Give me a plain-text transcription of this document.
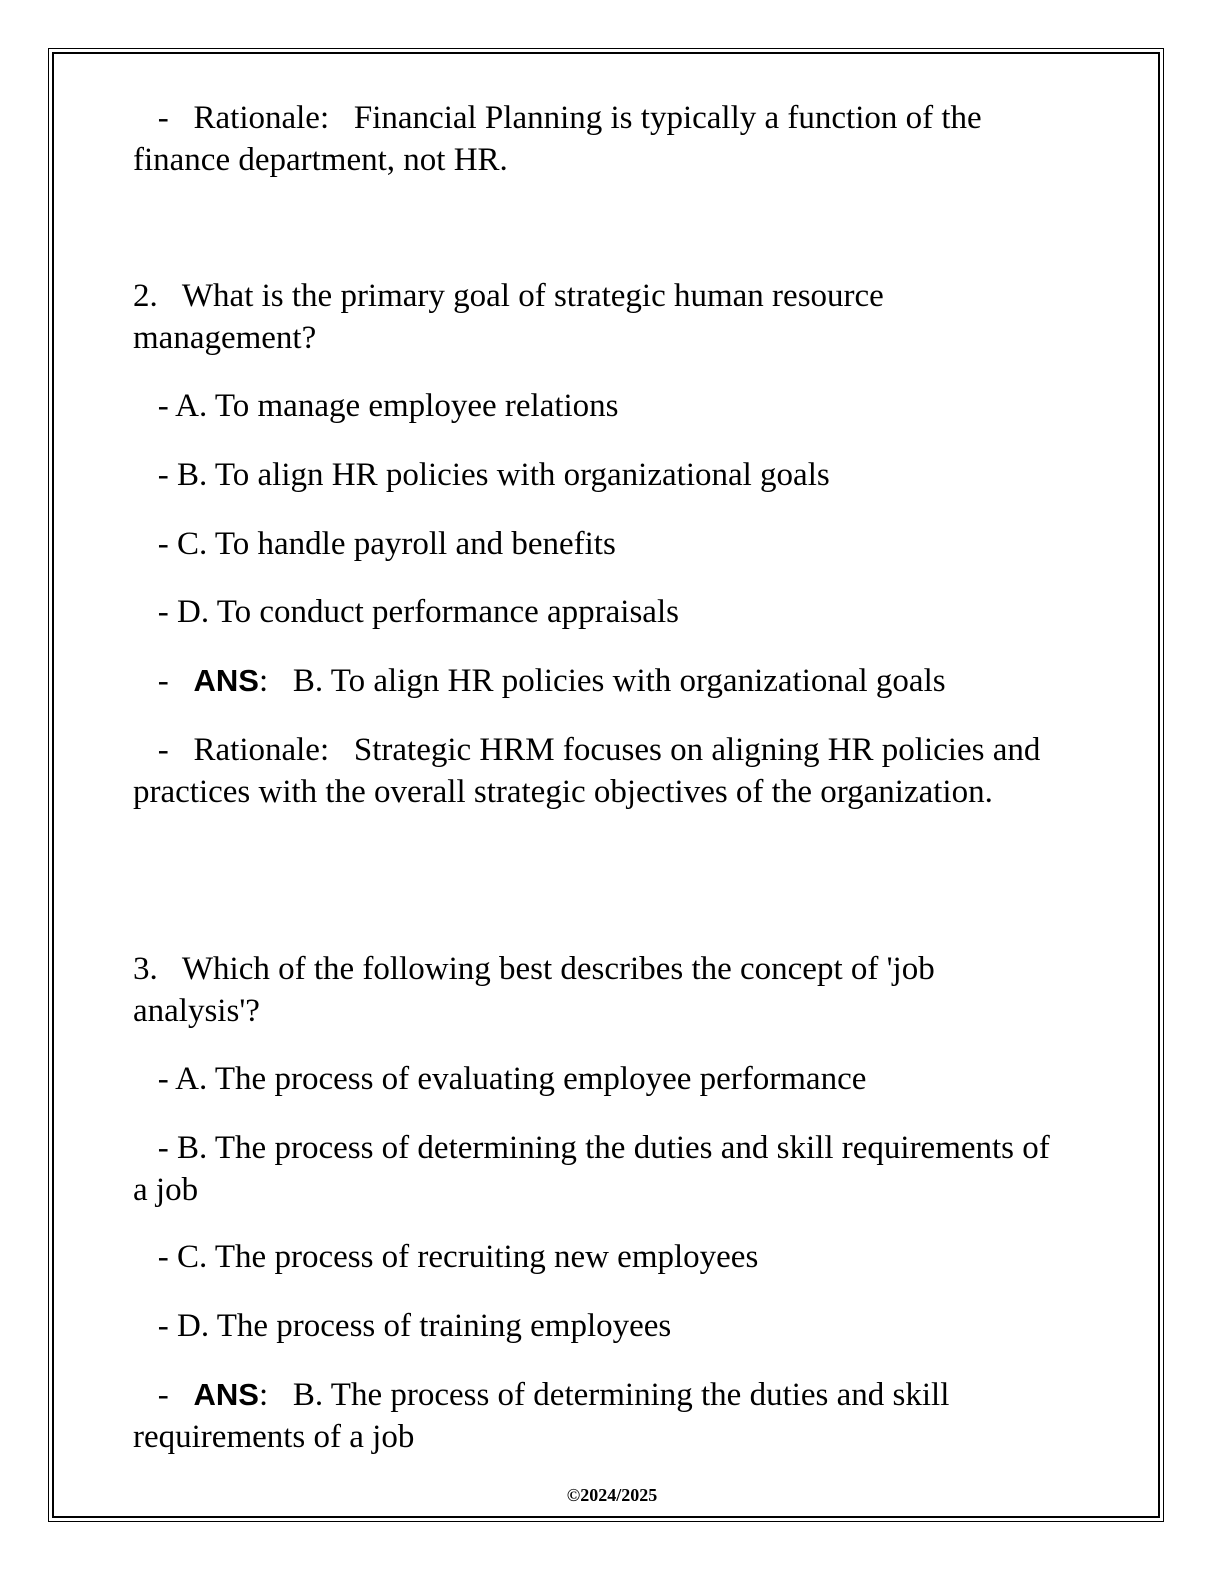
-   Rationale:   Financial Planning is typically a function of the finance department, not HR.
2.   What is the primary goal of strategic human resource management?
- A. To manage employee relations
- B. To align HR policies with organizational goals
- C. To handle payroll and benefits
- D. To conduct performance appraisals
-   ANS:   B. To align HR policies with organizational goals
-   Rationale:   Strategic HRM focuses on aligning HR policies and practices with the overall strategic objectives of the organization.
3.   Which of the following best describes the concept of 'job analysis'?
- A. The process of evaluating employee performance
- B. The process of determining the duties and skill requirements of a job
- C. The process of recruiting new employees
- D. The process of training employees
-   ANS:   B. The process of determining the duties and skill requirements of a job
©2024/2025
